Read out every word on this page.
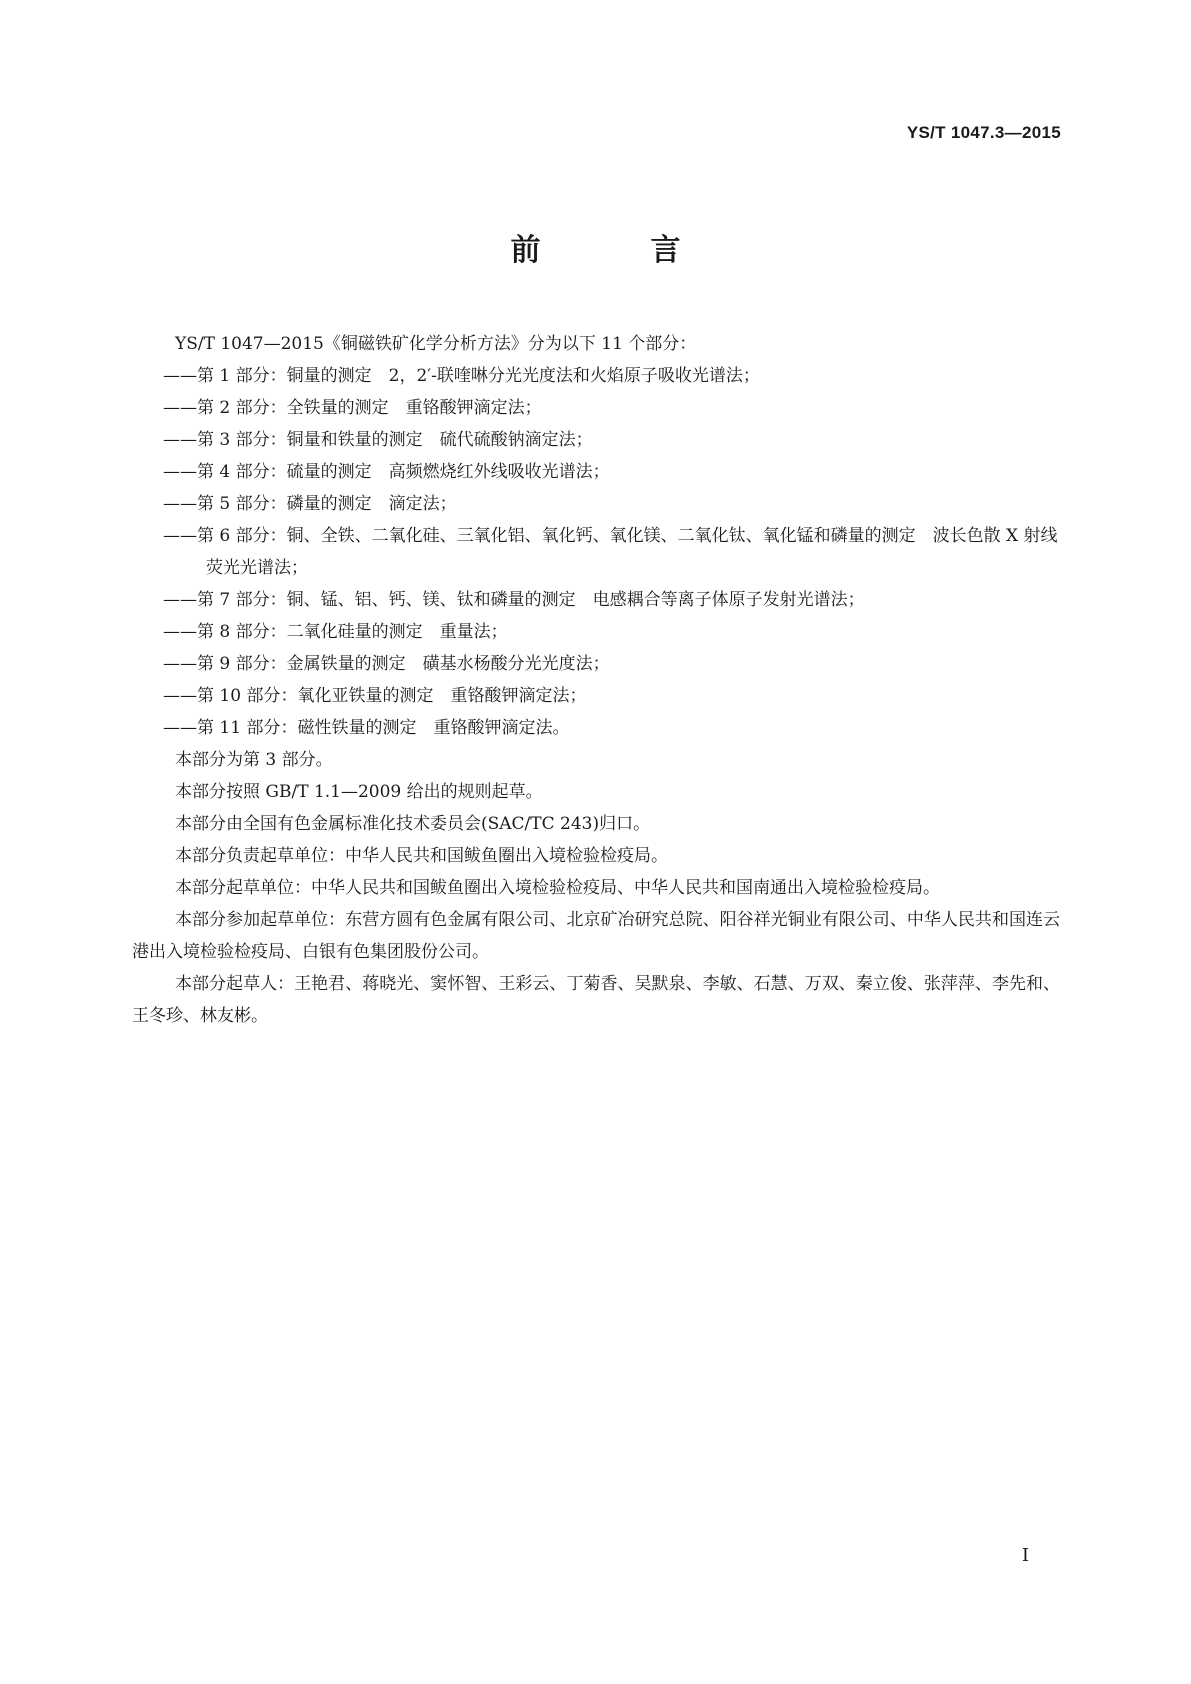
YS/T 1047.3—2015
前　言

YS/T 1047—2015《铜磁铁矿化学分析方法》分为以下 11 个部分：

——第 1 部分：铜量的测定　2，2′-联喹啉分光光度法和火焰原子吸收光谱法；

——第 2 部分：全铁量的测定　重铬酸钾滴定法；

——第 3 部分：铜量和铁量的测定　硫代硫酸钠滴定法；

——第 4 部分：硫量的测定　高频燃烧红外线吸收光谱法；

——第 5 部分：磷量的测定　滴定法；

——第 6 部分：铜、全铁、二氧化硅、三氧化铝、氧化钙、氧化镁、二氧化钛、氧化锰和磷量的测定　波长色散 X 射线荧光光谱法；

——第 7 部分：铜、锰、铝、钙、镁、钛和磷量的测定　电感耦合等离子体原子发射光谱法；

——第 8 部分：二氧化硅量的测定　重量法；

——第 9 部分：金属铁量的测定　磺基水杨酸分光光度法；

——第 10 部分：氧化亚铁量的测定　重铬酸钾滴定法；

——第 11 部分：磁性铁量的测定　重铬酸钾滴定法。

本部分为第 3 部分。

本部分按照 GB/T 1.1—2009 给出的规则起草。

本部分由全国有色金属标准化技术委员会(SAC/TC 243)归口。

本部分负责起草单位：中华人民共和国鲅鱼圈出入境检验检疫局。

本部分起草单位：中华人民共和国鲅鱼圈出入境检验检疫局、中华人民共和国南通出入境检验检疫局。

本部分参加起草单位：东营方圆有色金属有限公司、北京矿冶研究总院、阳谷祥光铜业有限公司、中华人民共和国连云港出入境检验检疫局、白银有色集团股份公司。

本部分起草人：王艳君、蒋晓光、窦怀智、王彩云、丁菊香、吴默泉、李敏、石慧、万双、秦立俊、张萍萍、李先和、王冬珍、林友彬。

I
